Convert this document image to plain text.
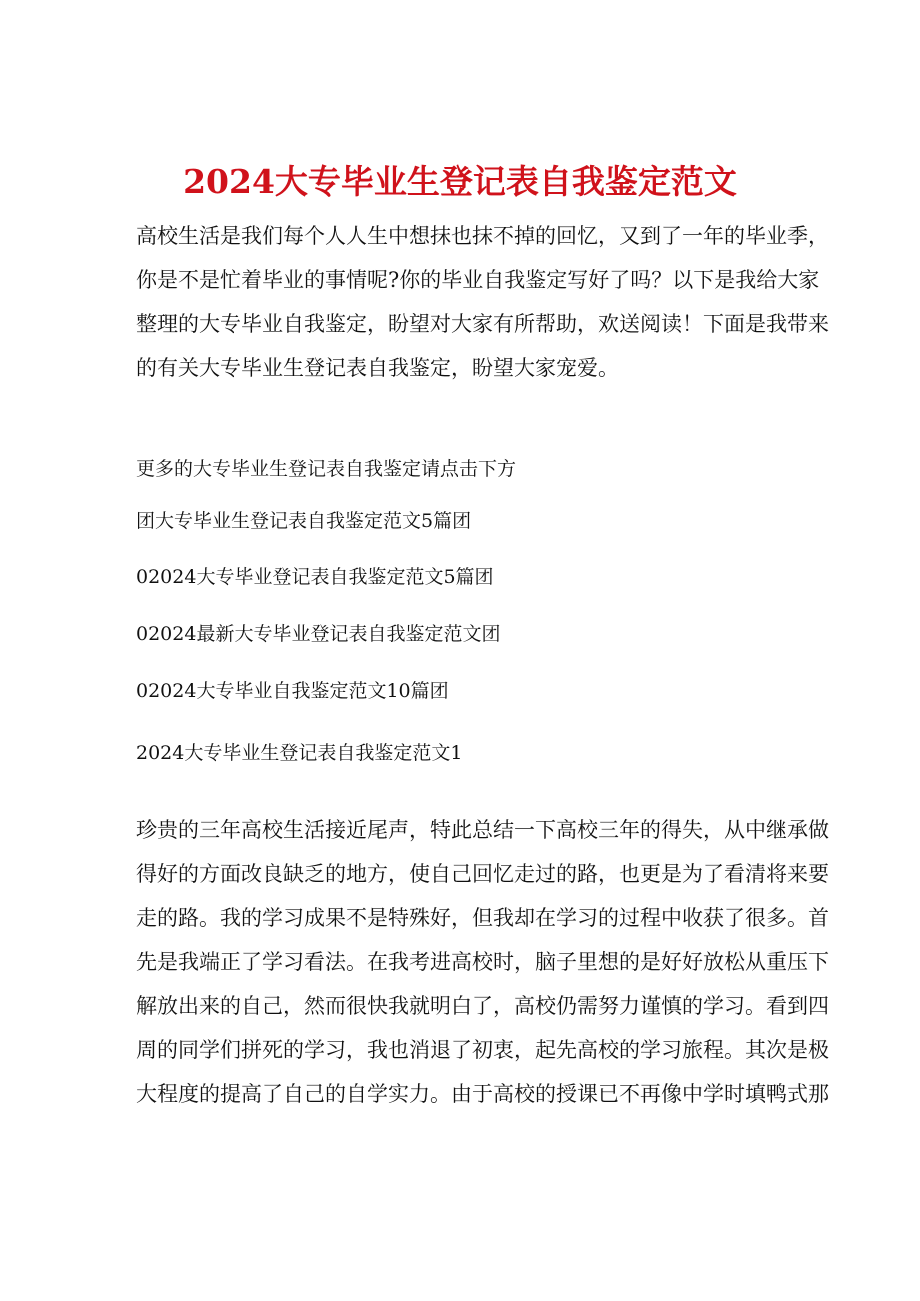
2024大专毕业生登记表自我鉴定范文

高校生活是我们每个人人生中想抹也抹不掉的回忆，又到了一年的毕业季，
你是不是忙着毕业的事情呢?你的毕业自我鉴定写好了吗？以下是我给大家
整理的大专毕业自我鉴定，盼望对大家有所帮助，欢送阅读！下面是我带来
的有关大专毕业生登记表自我鉴定，盼望大家宠爱。

更多的大专毕业生登记表自我鉴定请点击下方
团大专毕业生登记表自我鉴定范文5篇团
02024大专毕业登记表自我鉴定范文5篇团
02024最新大专毕业登记表自我鉴定范文团
02024大专毕业自我鉴定范文10篇团
2024大专毕业生登记表自我鉴定范文1

珍贵的三年高校生活接近尾声，特此总结一下高校三年的得失，从中继承做
得好的方面改良缺乏的地方，使自己回忆走过的路，也更是为了看清将来要
走的路。我的学习成果不是特殊好，但我却在学习的过程中收获了很多。首
先是我端正了学习看法。在我考进高校时，脑子里想的是好好放松从重压下
解放出来的自己，然而很快我就明白了，高校仍需努力谨慎的学习。看到四
周的同学们拼死的学习，我也消退了初衷，起先高校的学习旅程。其次是极
大程度的提高了自己的自学实力。由于高校的授课已不再像中学时填鸭式那
